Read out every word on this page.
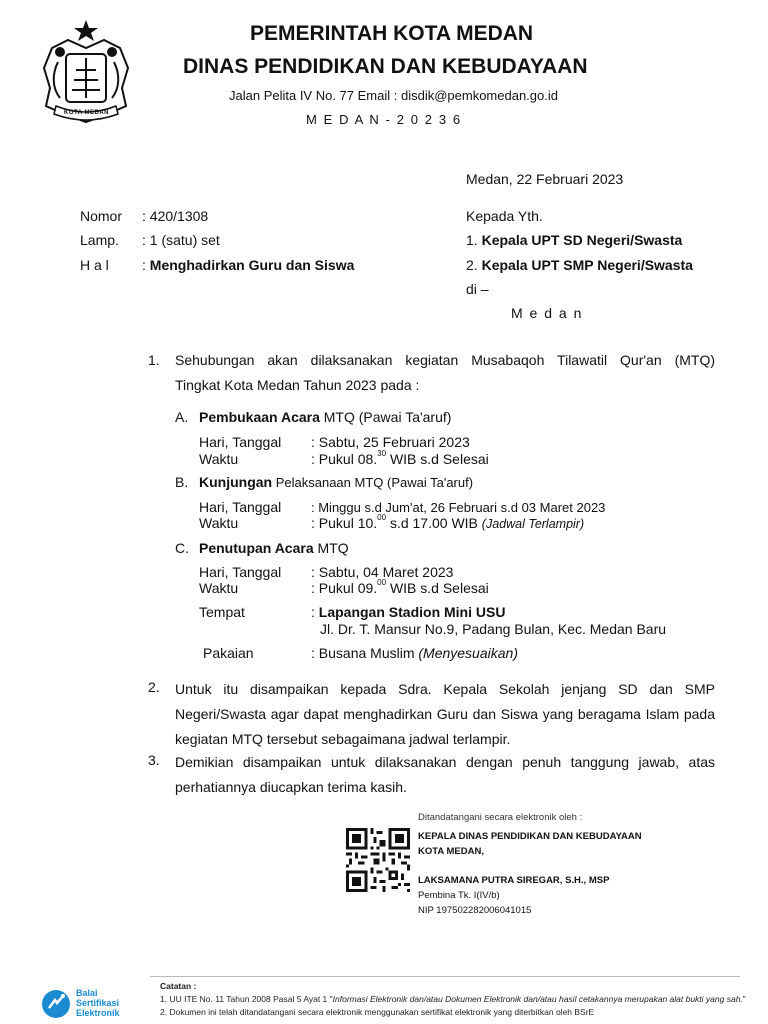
KOTA MEDAN
PEMERINTAH KOTA MEDAN
DINAS PENDIDIKAN DAN KEBUDAYAAN
Jalan Pelita IV No. 77 Email : disdik@pemkomedan.go.id
M E D A N - 2 0 2 3 6
Medan, 22 Februari 2023
Nomor : 420/1308
Lamp. : 1 (satu) set
H a l : Menghadirkan Guru dan Siswa
Kepada Yth.
1. Kepala UPT SD Negeri/Swasta
2. Kepala UPT SMP Negeri/Swasta
di –
M e d a n
1. Sehubungan akan dilaksanakan kegiatan Musabaqoh Tilawatil Qur'an (MTQ)
Tingkat Kota Medan Tahun 2023 pada :
A. Pembukaan Acara MTQ (Pawai Ta'aruf)
Hari, Tanggal : Sabtu, 25 Februari 2023
Waktu	: Pukul 08.30 WIB s.d Selesai
B. Kunjungan Pelaksanaan MTQ (Pawai Ta'aruf)
Hari, Tanggal : Minggu s.d Jum'at, 26 Februari s.d 03 Maret 2023
Waktu	: Pukul 10.00 s.d 17.00 WIB (Jadwal Terlampir)
C. Penutupan Acara MTQ
Hari, Tanggal : Sabtu, 04 Maret 2023
Waktu	: Pukul 09.00 WIB s.d Selesai
Tempat	: Lapangan Stadion Mini USU
Jl. Dr. T. Mansur No.9, Padang Bulan, Kec. Medan Baru
Pakaian	: Busana Muslim (Menyesuaikan)
2. Untuk itu disampaikan kepada Sdra. Kepala Sekolah jenjang SD dan SMP Negeri/Swasta agar dapat menghadirkan Guru dan Siswa yang beragama Islam pada kegiatan MTQ tersebut sebagaimana jadwal terlampir.
3. Demikian disampaikan untuk dilaksanakan dengan penuh tanggung jawab, atas perhatiannya diucapkan terima kasih.
Ditandatangani secara elektronik oleh :
KEPALA DINAS PENDIDIKAN DAN KEBUDAYAAN
KOTA MEDAN,
LAKSAMANA PUTRA SIREGAR, S.H., MSP
Pembina Tk. I(IV/b)
NIP 197502282006041015
Balai
Sertifikasi
Elektronik
Catatan :
1. UU ITE No. 11 Tahun 2008 Pasal 5 Ayat 1 "Informasi Elektronik dan/atau Dokumen Elektronik dan/atau hasil cetakannya merupakan alat bukti yang sah."
2. Dokumen ini telah ditandatangani secara elektronik menggunakan sertifikat elektronik yang diterbitkan oleh BSrE
